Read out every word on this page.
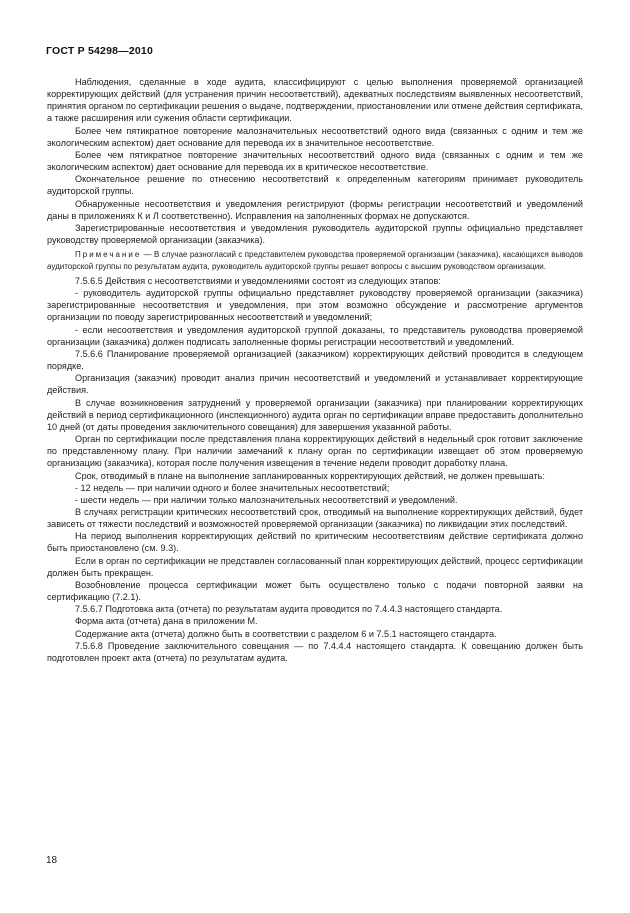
ГОСТ Р 54298—2010

Наблюдения, сделанные в ходе аудита, классифицируют с целью выполнения проверяемой организацией корректирующих действий (для устранения причин несоответствий), адекватных последствиям выявленных несоответствий, принятия органом по сертификации решения о выдаче, подтверждении, приостановлении или отмене действия сертификата, а также расширения или сужения области сертификации.

Более чем пятикратное повторение малозначительных несоответствий одного вида (связанных с одним и тем же экологическим аспектом) дает основание для перевода их в значительное несоответствие.

Более чем пятикратное повторение значительных несоответствий одного вида (связанных с одним и тем же экологическим аспектом) дает основание для перевода их в критическое несоответствие.

Окончательное решение по отнесению несоответствий к определенным категориям принимает руководитель аудиторской группы.

Обнаруженные несоответствия и уведомления регистрируют (формы регистрации несоответствий и уведомлений даны в приложениях К и Л соответственно). Исправления на заполненных формах не допускаются.

Зарегистрированные несоответствия и уведомления руководитель аудиторской группы официально представляет руководству проверяемой организации (заказчика).

Примечание — В случае разногласий с представителем руководства проверяемой организации (заказчика), касающихся выводов аудиторской группы по результатам аудита, руководитель аудиторской группы решает вопросы с высшим руководством организации.

7.5.6.5 Действия с несоответствиями и уведомлениями состоят из следующих этапов:

- руководитель аудиторской группы официально представляет руководству проверяемой организации (заказчика) зарегистрированные несоответствия и уведомления, при этом возможно обсуждение и рассмотрение аргументов организации по поводу зарегистрированных несоответствий и уведомлений;

- если несоответствия и уведомления аудиторской группой доказаны, то представитель руководства проверяемой организации (заказчика) должен подписать заполненные формы регистрации несоответствий и уведомлений.

7.5.6.6 Планирование проверяемой организацией (заказчиком) корректирующих действий проводится в следующем порядке.

Организация (заказчик) проводит анализ причин несоответствий и уведомлений и устанавливает корректирующие действия.

В случае возникновения затруднений у проверяемой организации (заказчика) при планировании корректирующих действий в период сертификационного (инспекционного) аудита орган по сертификации вправе предоставить дополнительно 10 дней (от даты проведения заключительного совещания) для завершения указанной работы.

Орган по сертификации после представления плана корректирующих действий в недельный срок готовит заключение по представленному плану. При наличии замечаний к плану орган по сертификации извещает об этом проверяемую организацию (заказчика), которая после получения извещения в течение недели проводит доработку плана.

Срок, отводимый в плане на выполнение запланированных корректирующих действий, не должен превышать:

- 12 недель — при наличии одного и более значительных несоответствий;

- шести недель — при наличии только малозначительных несоответствий и уведомлений.

В случаях регистрации критических несоответствий срок, отводимый на выполнение корректирующих действий, будет зависеть от тяжести последствий и возможностей проверяемой организации (заказчика) по ликвидации этих последствий.

На период выполнения корректирующих действий по критическим несоответствиям действие сертификата должно быть приостановлено (см. 9.3).

Если в орган по сертификации не представлен согласованный план корректирующих действий, процесс сертификации должен быть прекращен.

Возобновление процесса сертификации может быть осуществлено только с подачи повторной заявки на сертификацию (7.2.1).

7.5.6.7 Подготовка акта (отчета) по результатам аудита проводится по 7.4.4.3 настоящего стандарта.

Форма акта (отчета) дана в приложении М.

Содержание акта (отчета) должно быть в соответствии с разделом 6 и 7.5.1 настоящего стандарта.

7.5.6.8 Проведение заключительного совещания — по 7.4.4.4 настоящего стандарта. К совещанию должен быть подготовлен проект акта (отчета) по результатам аудита.

18
